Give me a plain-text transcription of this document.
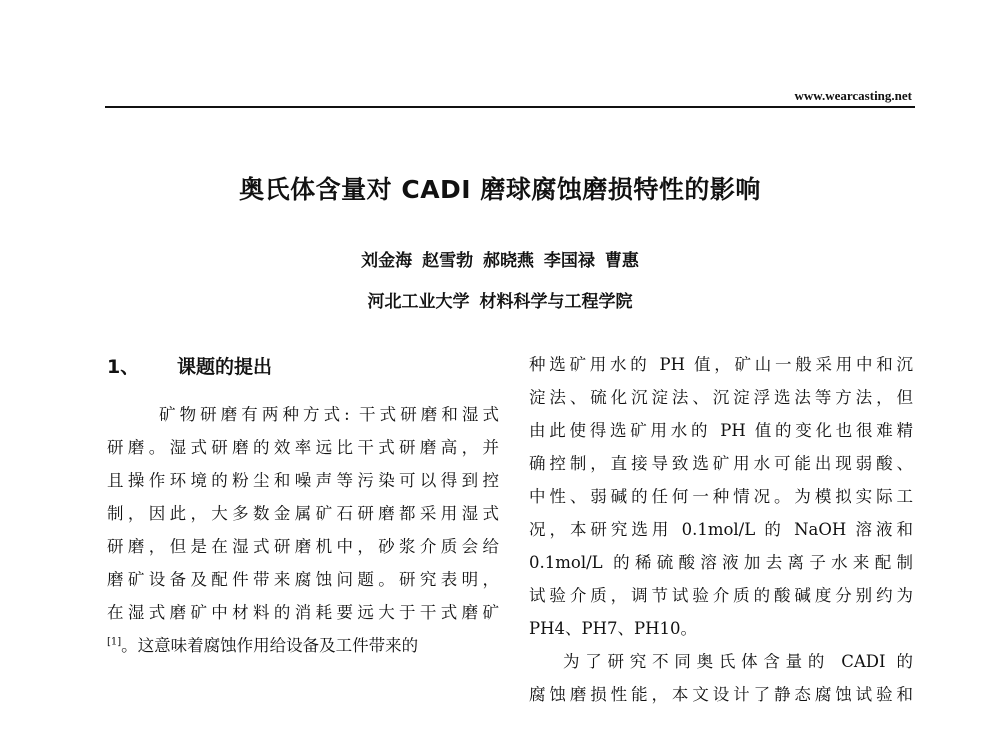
www.wearcasting.net
奥氏体含量对 CADI 磨球腐蚀磨损特性的影响
刘金海 赵雪勃 郝晓燕 李国禄 曹惠
河北工业大学 材料科学与工程学院
1、 课题的提出
矿物研磨有两种方式: 干式研磨和湿式
研磨。湿式研磨的效率远比干式研磨高，并
且操作环境的粉尘和噪声等污染可以得到控
制，因此，大多数金属矿石研磨都采用湿式
研磨，但是在湿式研磨机中，砂浆介质会给
磨矿设备及配件带来腐蚀问题。研究表明，
在湿式磨矿中材料的消耗要远大于干式磨矿
[1]。这意味着腐蚀作用给设备及工件带来的
种选矿用水的 PH 值，矿山一般采用中和沉
淀法、硫化沉淀法、沉淀浮选法等方法，但
由此使得选矿用水的 PH 值的变化也很难精
确控制，直接导致选矿用水可能出现弱酸、
中性、弱碱的任何一种情况。为模拟实际工
况，本研究选用 0.1mol/L 的 NaOH 溶液和
0.1mol/L 的稀硫酸溶液加去离子水来配制
试验介质，调节试验介质的酸碱度分别约为
PH4、PH7、PH10。
为了研究不同奥氏体含量的 CADI 的
腐蚀磨损性能，本文设计了静态腐蚀试验和
